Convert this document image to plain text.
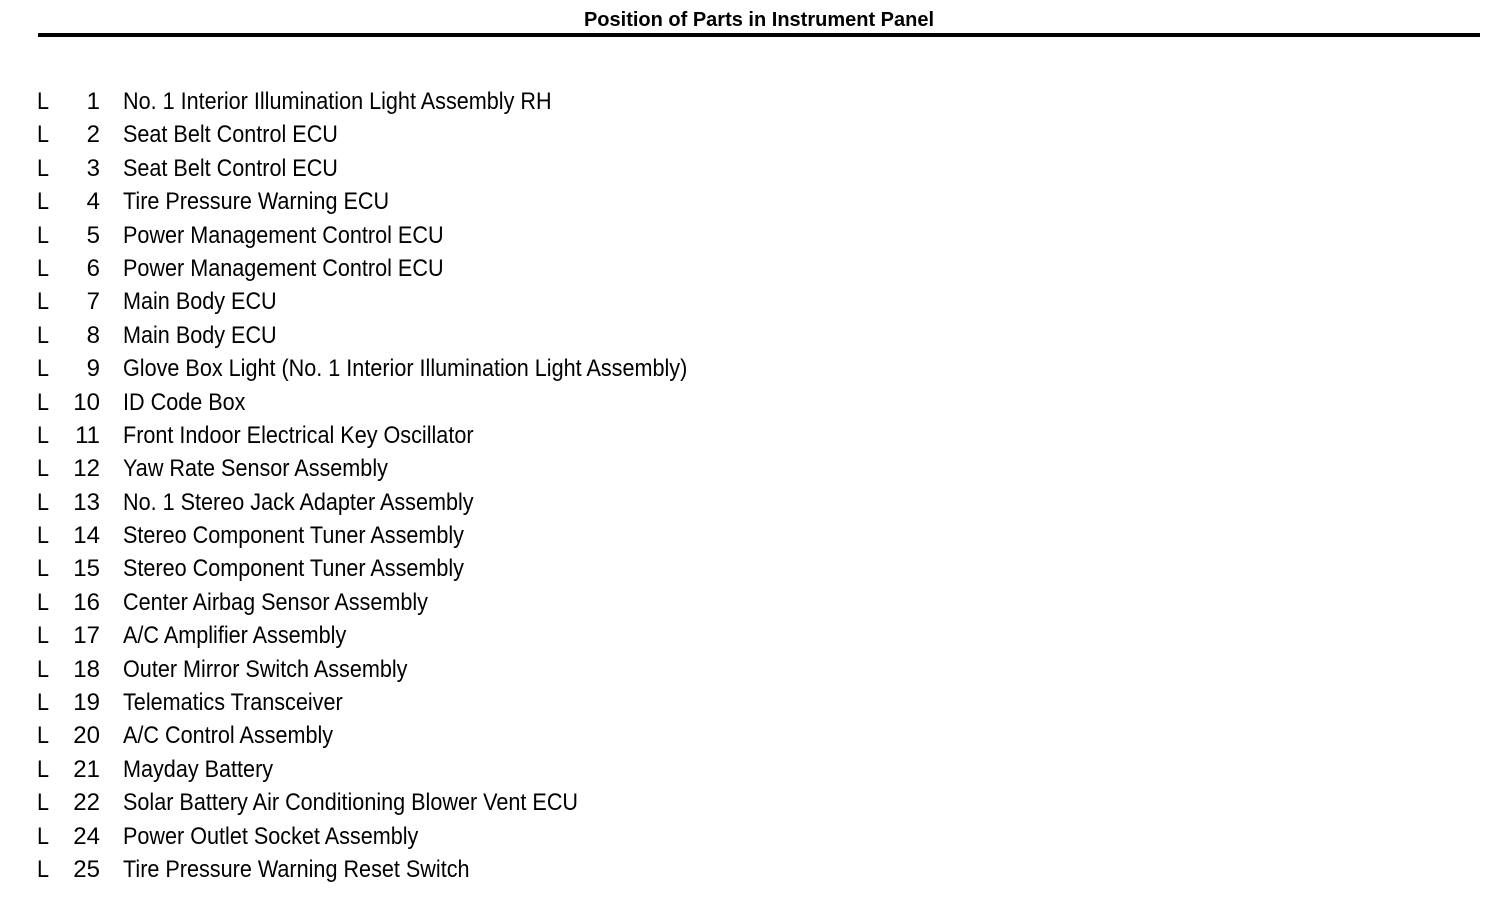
Position of Parts in Instrument Panel
L	1 No. 1 Interior Illumination Light Assembly RH
L	2 Seat Belt Control ECU
L	3 Seat Belt Control ECU
L	4 Tire Pressure Warning ECU
L	5 Power Management Control ECU
L	6 Power Management Control ECU
L	7 Main Body ECU
L	8 Main Body ECU
L	9 Glove Box Light (No. 1 Interior Illumination Light Assembly)
L	10 ID Code Box
L	11 Front Indoor Electrical Key Oscillator
L	12 Yaw Rate Sensor Assembly
L	13 No. 1 Stereo Jack Adapter Assembly
L	14 Stereo Component Tuner Assembly
L	15 Stereo Component Tuner Assembly
L	16 Center Airbag Sensor Assembly
L	17 A/C Amplifier Assembly
L	18 Outer Mirror Switch Assembly
L	19 Telematics Transceiver
L	20 A/C Control Assembly
L	21 Mayday Battery
L	22 Solar Battery Air Conditioning Blower Vent ECU
L	24 Power Outlet Socket Assembly
L	25 Tire Pressure Warning Reset Switch
